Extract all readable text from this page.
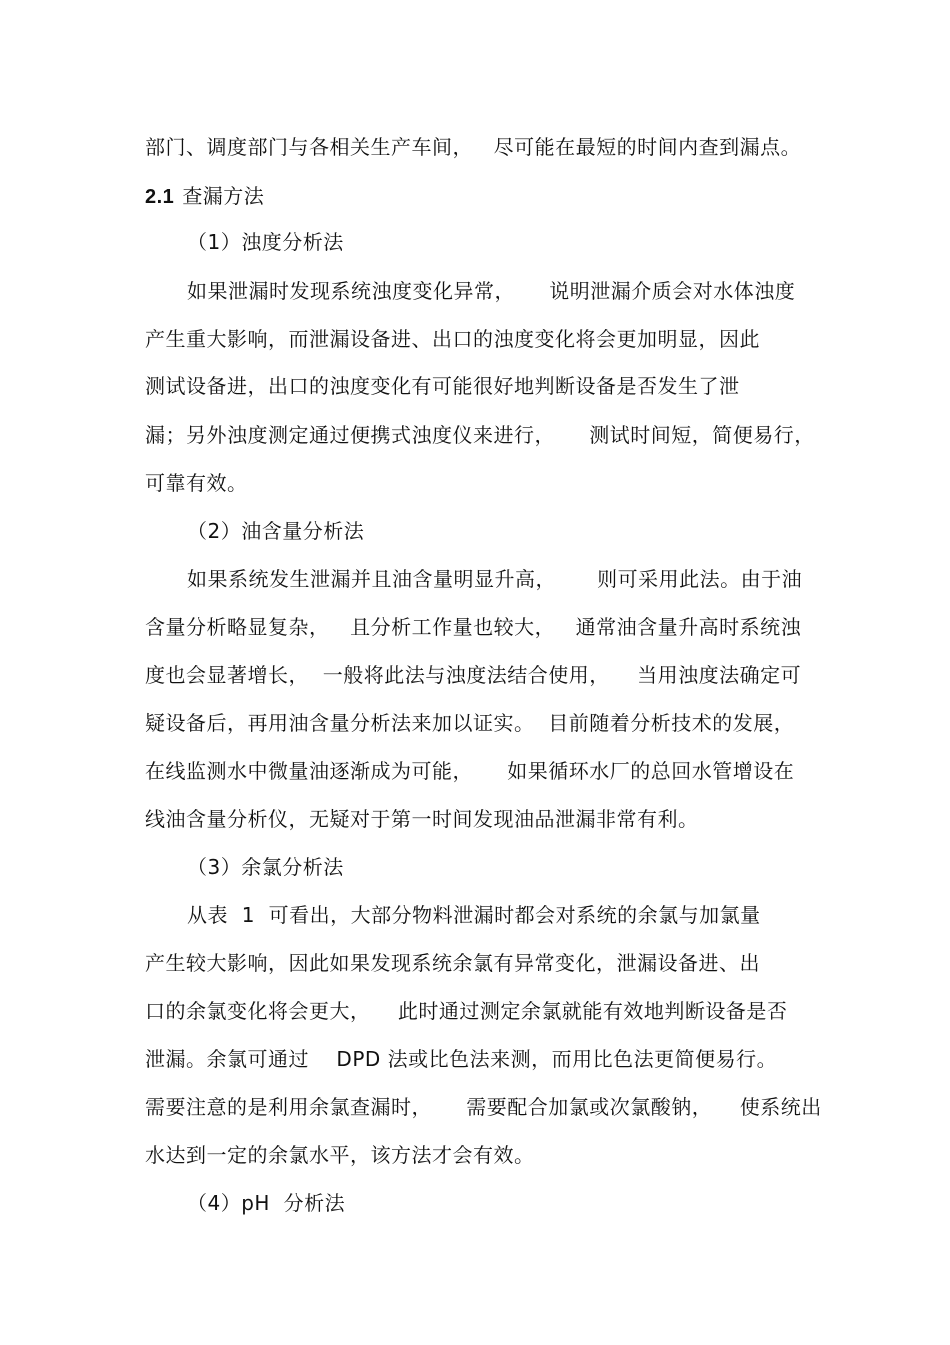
部门、调度部门与各相关生产车间，   尽可能在最短的时间内查到漏点。
2.1 查漏方法
（1）浊度分析法
如果泄漏时发现系统浊度变化异常，     说明泄漏介质会对水体浊度
产生重大影响，而泄漏设备进、出口的浊度变化将会更加明显，因此
测试设备进，出口的浊度变化有可能很好地判断设备是否发生了泄
漏；另外浊度测定通过便携式浊度仪来进行，     测试时间短，简便易行，
可靠有效。
（2）油含量分析法
如果系统发生泄漏并且油含量明显升高，      则可采用此法。由于油
含量分析略显复杂，   且分析工作量也较大，   通常油含量升高时系统浊
度也会显著增长，  一般将此法与浊度法结合使用，    当用浊度法确定可
疑设备后，再用油含量分析法来加以证实。  目前随着分析技术的发展，
在线监测水中微量油逐渐成为可能，     如果循环水厂的总回水管增设在
线油含量分析仪，无疑对于第一时间发现油品泄漏非常有利。
（3）余氯分析法
从表  1  可看出，大部分物料泄漏时都会对系统的余氯与加氯量
产生较大影响，因此如果发现系统余氯有异常变化，泄漏设备进、出
口的余氯变化将会更大，    此时通过测定余氯就能有效地判断设备是否
泄漏。余氯可通过    DPD 法或比色法来测，而用比色法更简便易行。
需要注意的是利用余氯查漏时，     需要配合加氯或次氯酸钠，    使系统出
水达到一定的余氯水平，该方法才会有效。
（4）pH  分析法
